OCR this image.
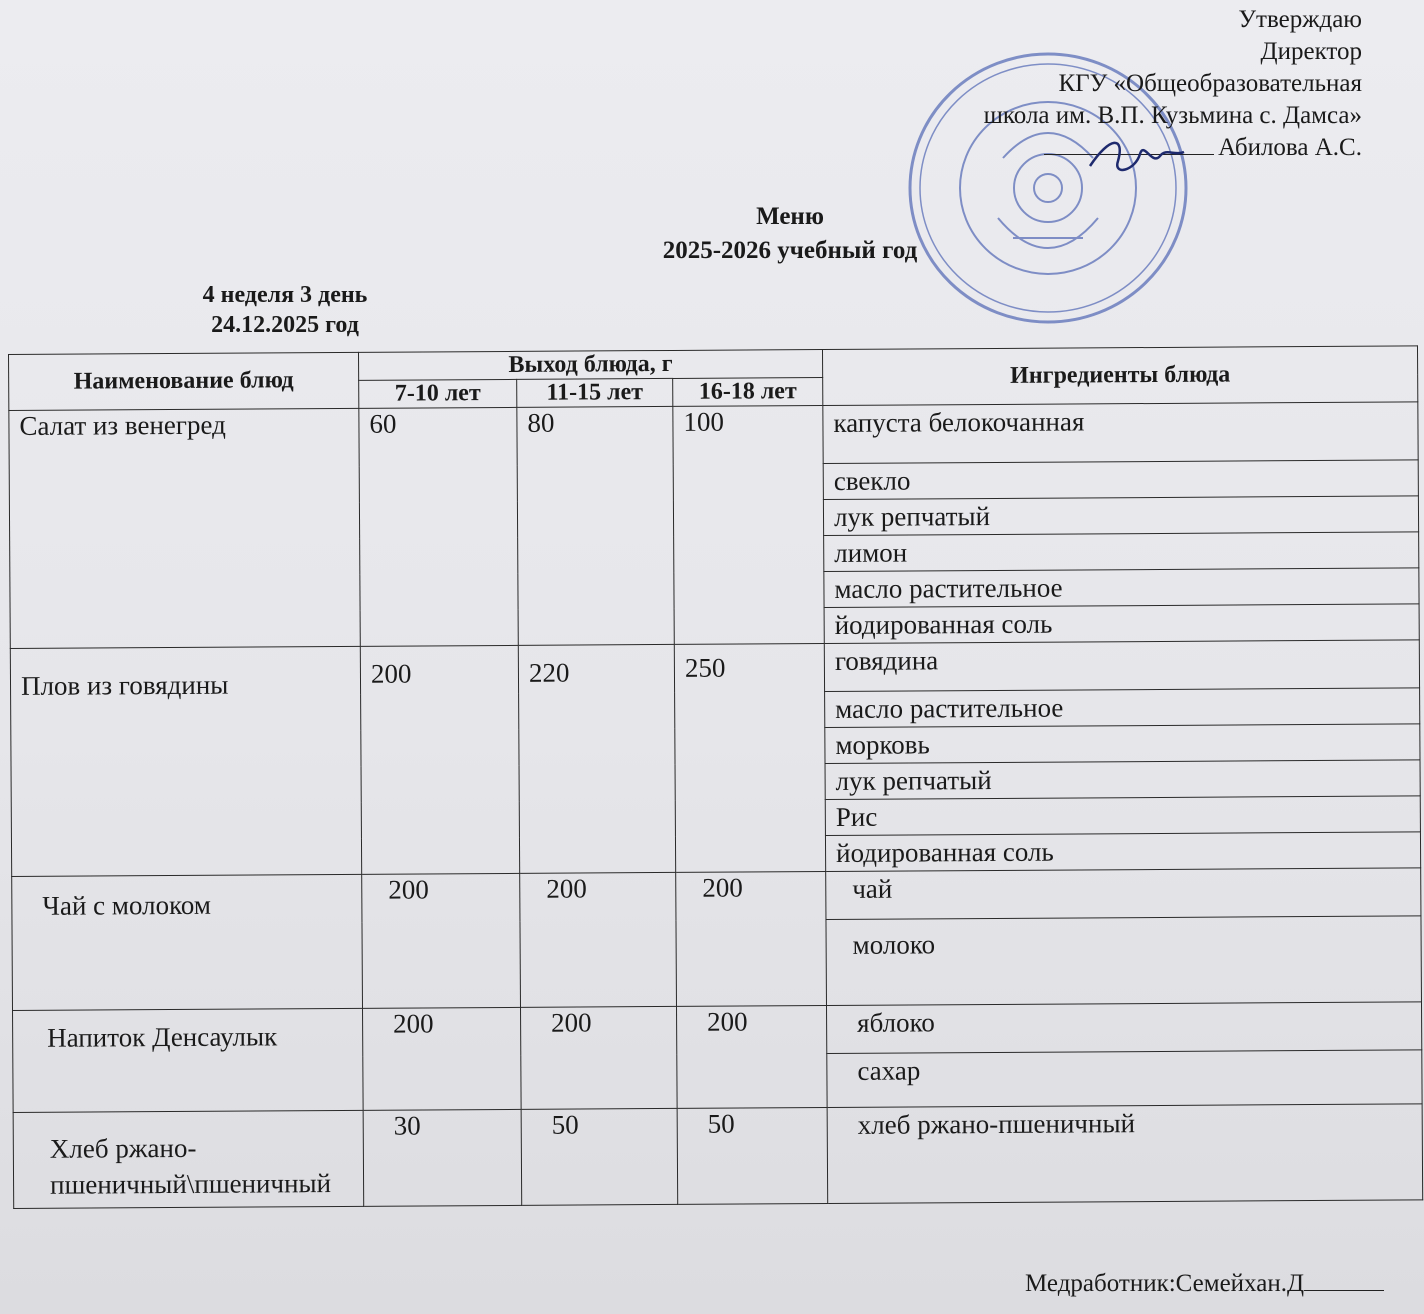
Утверждаю
Директор
КГУ «Общеобразовательная
школа им. В.П. Кузьмина с. Дамса»
Абилова А.С.
Меню
2025-2026 учебный год
4 неделя 3 день
24.12.2025 год
Наименование блюд	Выход блюда, г			Ингредиенты блюда
	7-10 лет	11-15 лет	16-18 лет	
Салат из венегред	60	80	100	капуста белокочанная
				свекло
				лук репчатый
				лимон
				масло растительное
				йодированная соль
Плов из говядины	200	220	250	говядина
				масло растительное
				морковь
				лук репчатый
				Рис
				йодированная соль
Чай с молоком	200	200	200	чай
				молоко
Напиток Денсаулык	200	200	200	яблоко
				сахар
Хлеб ржано-пшеничный\пшеничный	30	50	50	хлеб ржано-пшеничный
Медработник:Семейхан.Д
